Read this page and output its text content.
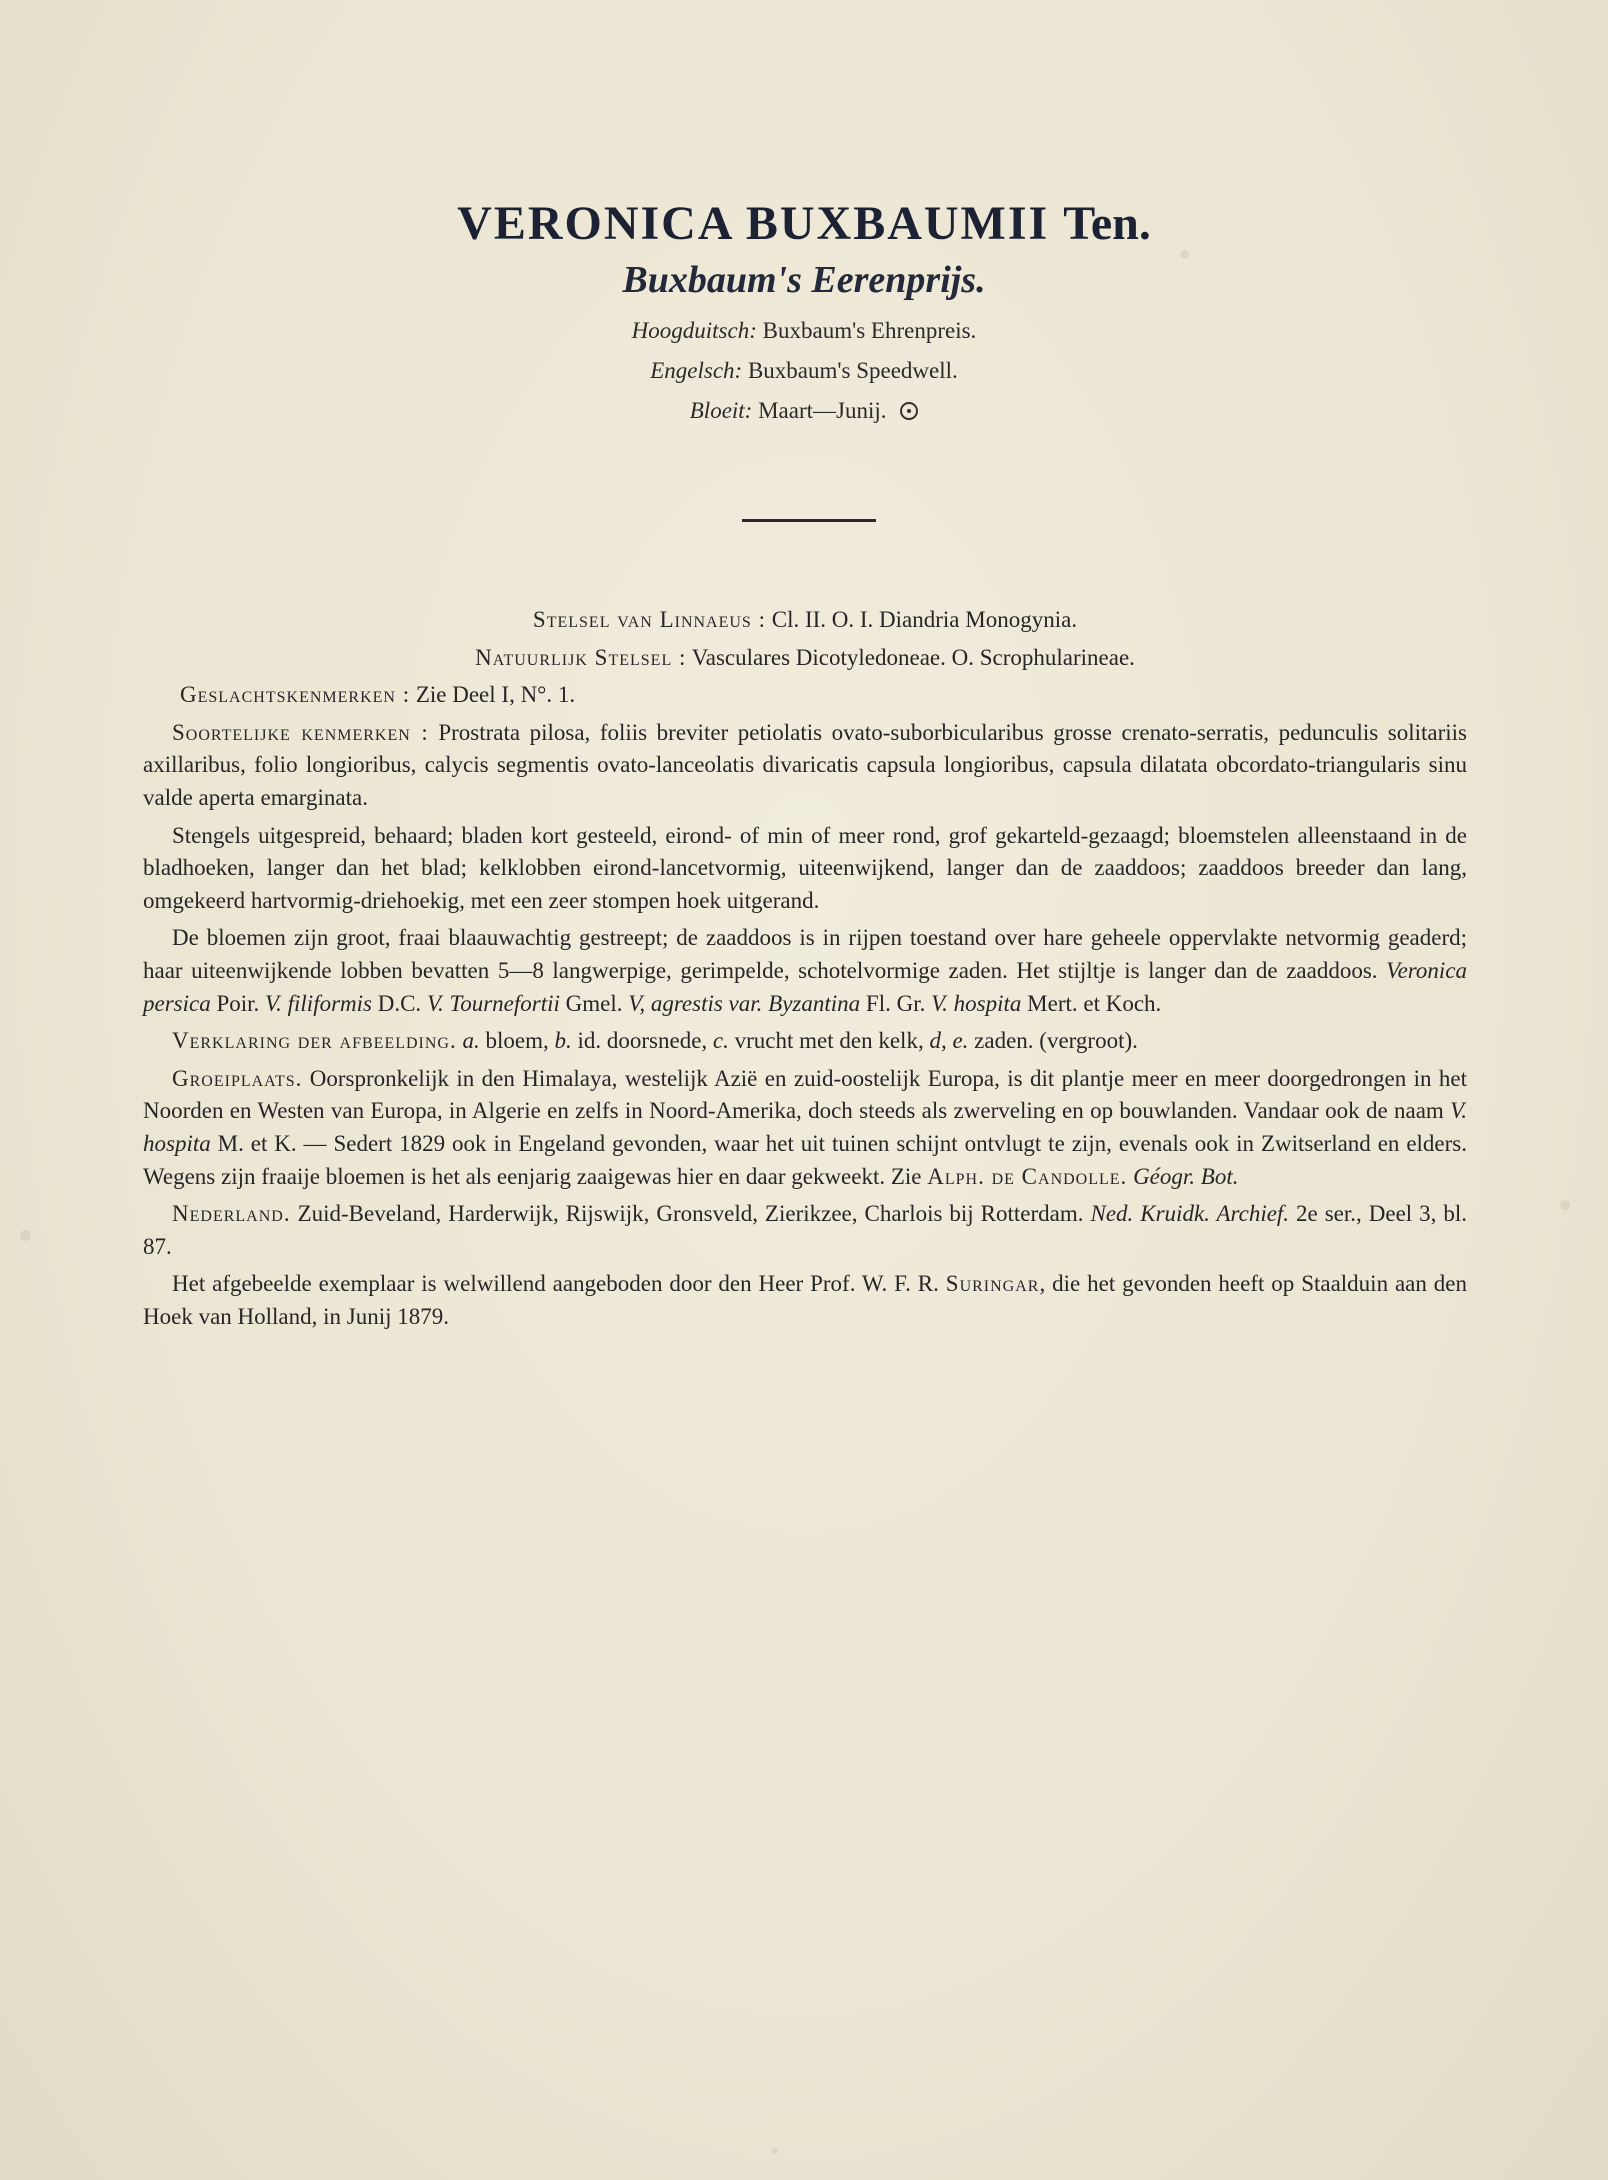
VERONICA BUXBAUMII Ten.
Buxbaum's Eerenprijs.
Hoogduitsch: Buxbaum's Ehrenpreis.
Engelsch: Buxbaum's Speedwell.
Bloeit: Maart—Junij.

Stelsel van Linnaeus : Cl. II. O. I. Diandria Monogynia.

Natuurlijk Stelsel : Vasculares Dicotyledoneae. O. Scrophularineae.

Geslachtskenmerken : Zie Deel I, N°. 1.

Soortelijke kenmerken : Prostrata pilosa, foliis breviter petiolatis ovato-suborbicularibus grosse crenato-serratis, pedunculis solitariis axillaribus, folio longioribus, calycis segmentis ovato-lanceolatis divaricatis capsula longioribus, capsula dilatata obcordato-triangularis sinu valde aperta emarginata.

Stengels uitgespreid, behaard; bladen kort gesteeld, eirond- of min of meer rond, grof gekarteld-gezaagd; bloemstelen alleenstaand in de bladhoeken, langer dan het blad; kelklobben eirond-lancetvormig, uiteenwijkend, langer dan de zaaddoos; zaaddoos breeder dan lang, omgekeerd hartvormig-driehoekig, met een zeer stompen hoek uitgerand.

De bloemen zijn groot, fraai blaauwachtig gestreept; de zaaddoos is in rijpen toestand over hare geheele oppervlakte netvormig geaderd; haar uiteenwijkende lobben bevatten 5—8 langwerpige, gerimpelde, schotelvormige zaden. Het stijltje is langer dan de zaaddoos. Veronica persica Poir. V. filiformis D.C. V. Tournefortii Gmel. V, agrestis var. Byzantina Fl. Gr. V. hospita Mert. et Koch.

Verklaring der afbeelding. a. bloem, b. id. doorsnede, c. vrucht met den kelk, d, e. zaden. (vergroot).

Groeiplaats. Oorspronkelijk in den Himalaya, westelijk Azië en zuid-oostelijk Europa, is dit plantje meer en meer doorgedrongen in het Noorden en Westen van Europa, in Algerie en zelfs in Noord-Amerika, doch steeds als zwerveling en op bouwlanden. Vandaar ook de naam V. hospita M. et K. — Sedert 1829 ook in Engeland gevonden, waar het uit tuinen schijnt ontvlugt te zijn, evenals ook in Zwitserland en elders. Wegens zijn fraaije bloemen is het als eenjarig zaaigewas hier en daar gekweekt. Zie Alph. de Candolle. Géogr. Bot.

Nederland. Zuid-Beveland, Harderwijk, Rijswijk, Gronsveld, Zierikzee, Charlois bij Rotterdam. Ned. Kruidk. Archief. 2e ser., Deel 3, bl. 87.

Het afgebeelde exemplaar is welwillend aangeboden door den Heer Prof. W. F. R. Suringar, die het gevonden heeft op Staalduin aan den Hoek van Holland, in Junij 1879.
